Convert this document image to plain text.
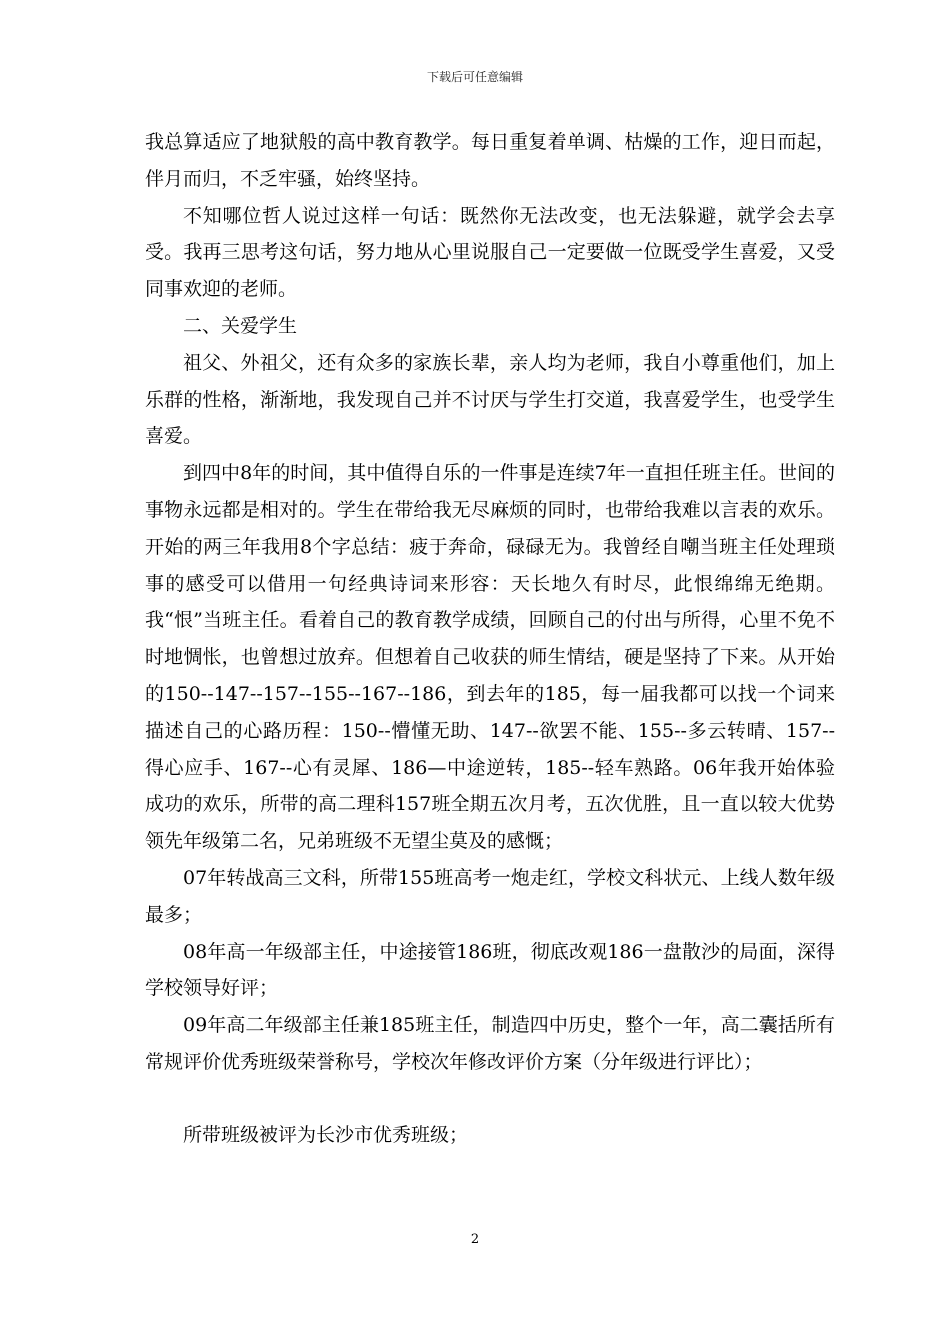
下载后可任意编辑

我总算适应了地狱般的高中教育教学。每日重复着单调、枯燥的工作，迎日而起，伴月而归，不乏牢骚，始终坚持。

不知哪位哲人说过这样一句话：既然你无法改变，也无法躲避，就学会去享受。我再三思考这句话，努力地从心里说服自己一定要做一位既受学生喜爱，又受同事欢迎的老师。

二、关爱学生

祖父、外祖父，还有众多的家族长辈，亲人均为老师，我自小尊重他们，加上乐群的性格，渐渐地，我发现自己并不讨厌与学生打交道，我喜爱学生，也受学生喜爱。

到四中8年的时间，其中值得自乐的一件事是连续7年一直担任班主任。世间的事物永远都是相对的。学生在带给我无尽麻烦的同时，也带给我难以言表的欢乐。开始的两三年我用8个字总结：疲于奔命，碌碌无为。我曾经自嘲当班主任处理琐事的感受可以借用一句经典诗词来形容：天长地久有时尽，此恨绵绵无绝期。我“恨”当班主任。看着自己的教育教学成绩，回顾自己的付出与所得，心里不免不时地惆怅，也曾想过放弃。但想着自己收获的师生情结，硬是坚持了下来。从开始的150--147--157--155--167--186，到去年的185，每一届我都可以找一个词来描述自己的心路历程：150--懵懂无助、147--欲罢不能、155--多云转晴、157--得心应手、167--心有灵犀、186—中途逆转，185--轻车熟路。06年我开始体验成功的欢乐，所带的高二理科157班全期五次月考，五次优胜，且一直以较大优势领先年级第二名，兄弟班级不无望尘莫及的感慨；

07年转战高三文科，所带155班高考一炮走红，学校文科状元、上线人数年级最多；

08年高一年级部主任，中途接管186班，彻底改观186一盘散沙的局面，深得学校领导好评；

09年高二年级部主任兼185班主任，制造四中历史，整个一年，高二囊括所有常规评价优秀班级荣誉称号，学校次年修改评价方案（分年级进行评比）；

所带班级被评为长沙市优秀班级；

2
